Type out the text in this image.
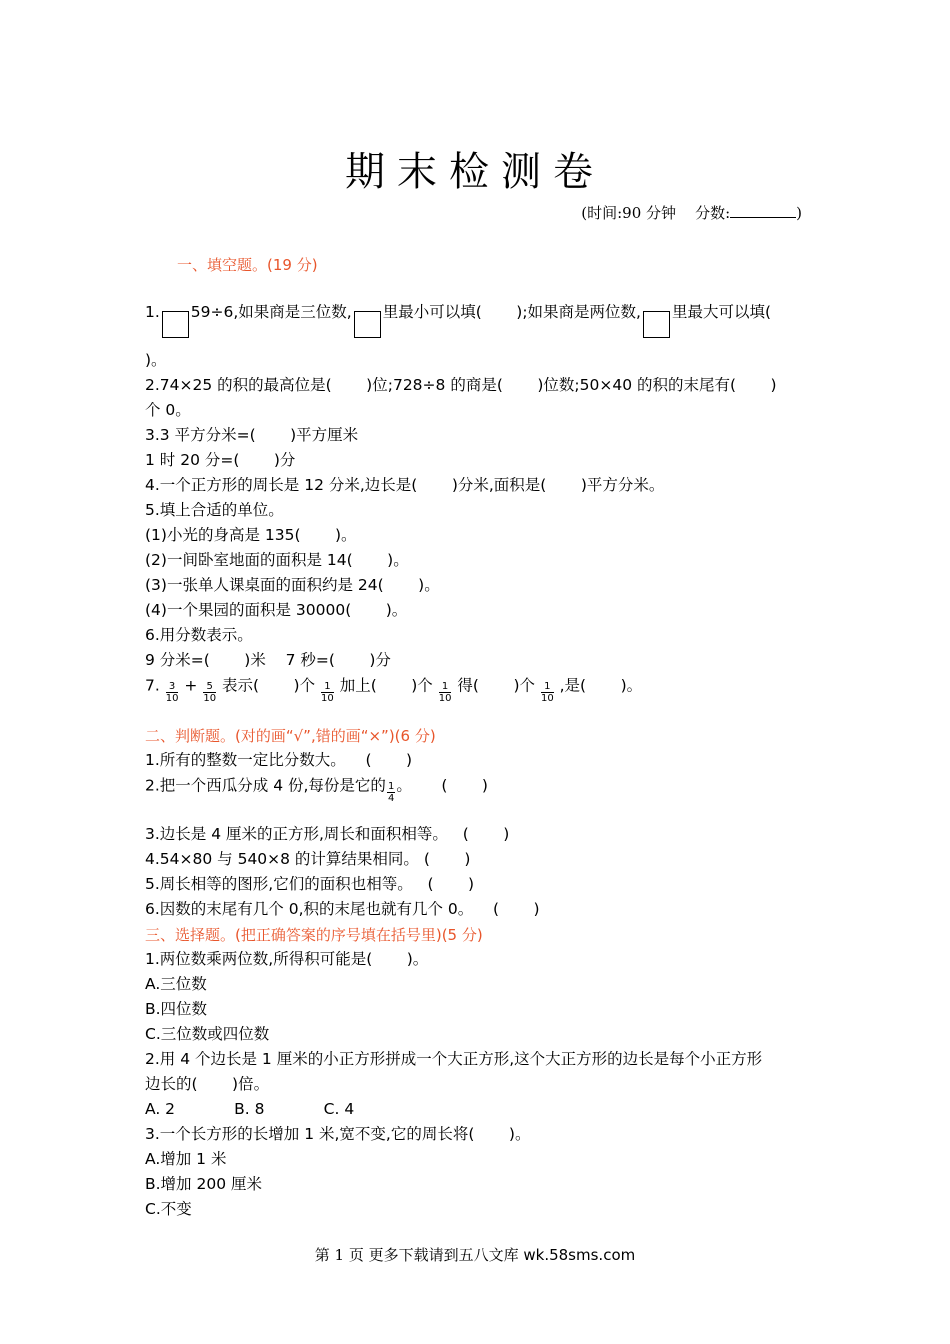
期末检测卷
(时间:90 分钟    分数:	)
一、填空题。(19 分)
1. 59÷6,如果商是三位数, 里最小可以填(       );如果商是两位数, 里最大可以填(
)。
2.74×25 的积的最高位是(       )位;728÷8 的商是(       )位数;50×40 的积的末尾有(       )
个 0。
3.3 平方分米=(       )平方厘米
1 时 20 分=(       )分
4.一个正方形的周长是 12 分米,边长是(       )分米,面积是(       )平方分米。
5.填上合适的单位。
(1)小光的身高是 135(       )。
(2)一间卧室地面的面积是 14(       )。
(3)一张单人课桌面的面积约是 24(       )。
(4)一个果园的面积是 30000(       )。
6.用分数表示。
9 分米=(       )米    7 秒=(       )分
7. $\frac{3}{10} + \frac{5}{10}$ 表示(       )个 $\frac{1}{10}$ 加上(       )个 $\frac{1}{10}$ 得(       )个 $\frac{1}{10}$ ,是(       )。
二、判断题。(对的画“√”,错的画“×”)(6 分)
1.所有的整数一定比分数大。    (       )
2.把一个西瓜分成 4 份,每份是它的 $\frac{1}{4}$ 。      (       )
3.边长是 4 厘米的正方形,周长和面积相等。   (       )
4.54×80 与 540×8 的计算结果相同。 (       )
5.周长相等的图形,它们的面积也相等。   (       )
6.因数的末尾有几个 0,积的末尾也就有几个 0。    (       )
三、选择题。(把正确答案的序号填在括号里)(5 分)
1.两位数乘两位数,所得积可能是(       )。
A.三位数
B.四位数
C.三位数或四位数
2.用 4 个边长是 1 厘米的小正方形拼成一个大正方形,这个大正方形的边长是每个小正方形
边长的(       )倍。
A. 2            B. 8            C. 4
3.一个长方形的长增加 1 米,宽不变,它的周长将(       )。
A.增加 1 米
B.增加 200 厘米
C.不变
第 1 页 更多下载请到五八文库 wk.58sms.com
